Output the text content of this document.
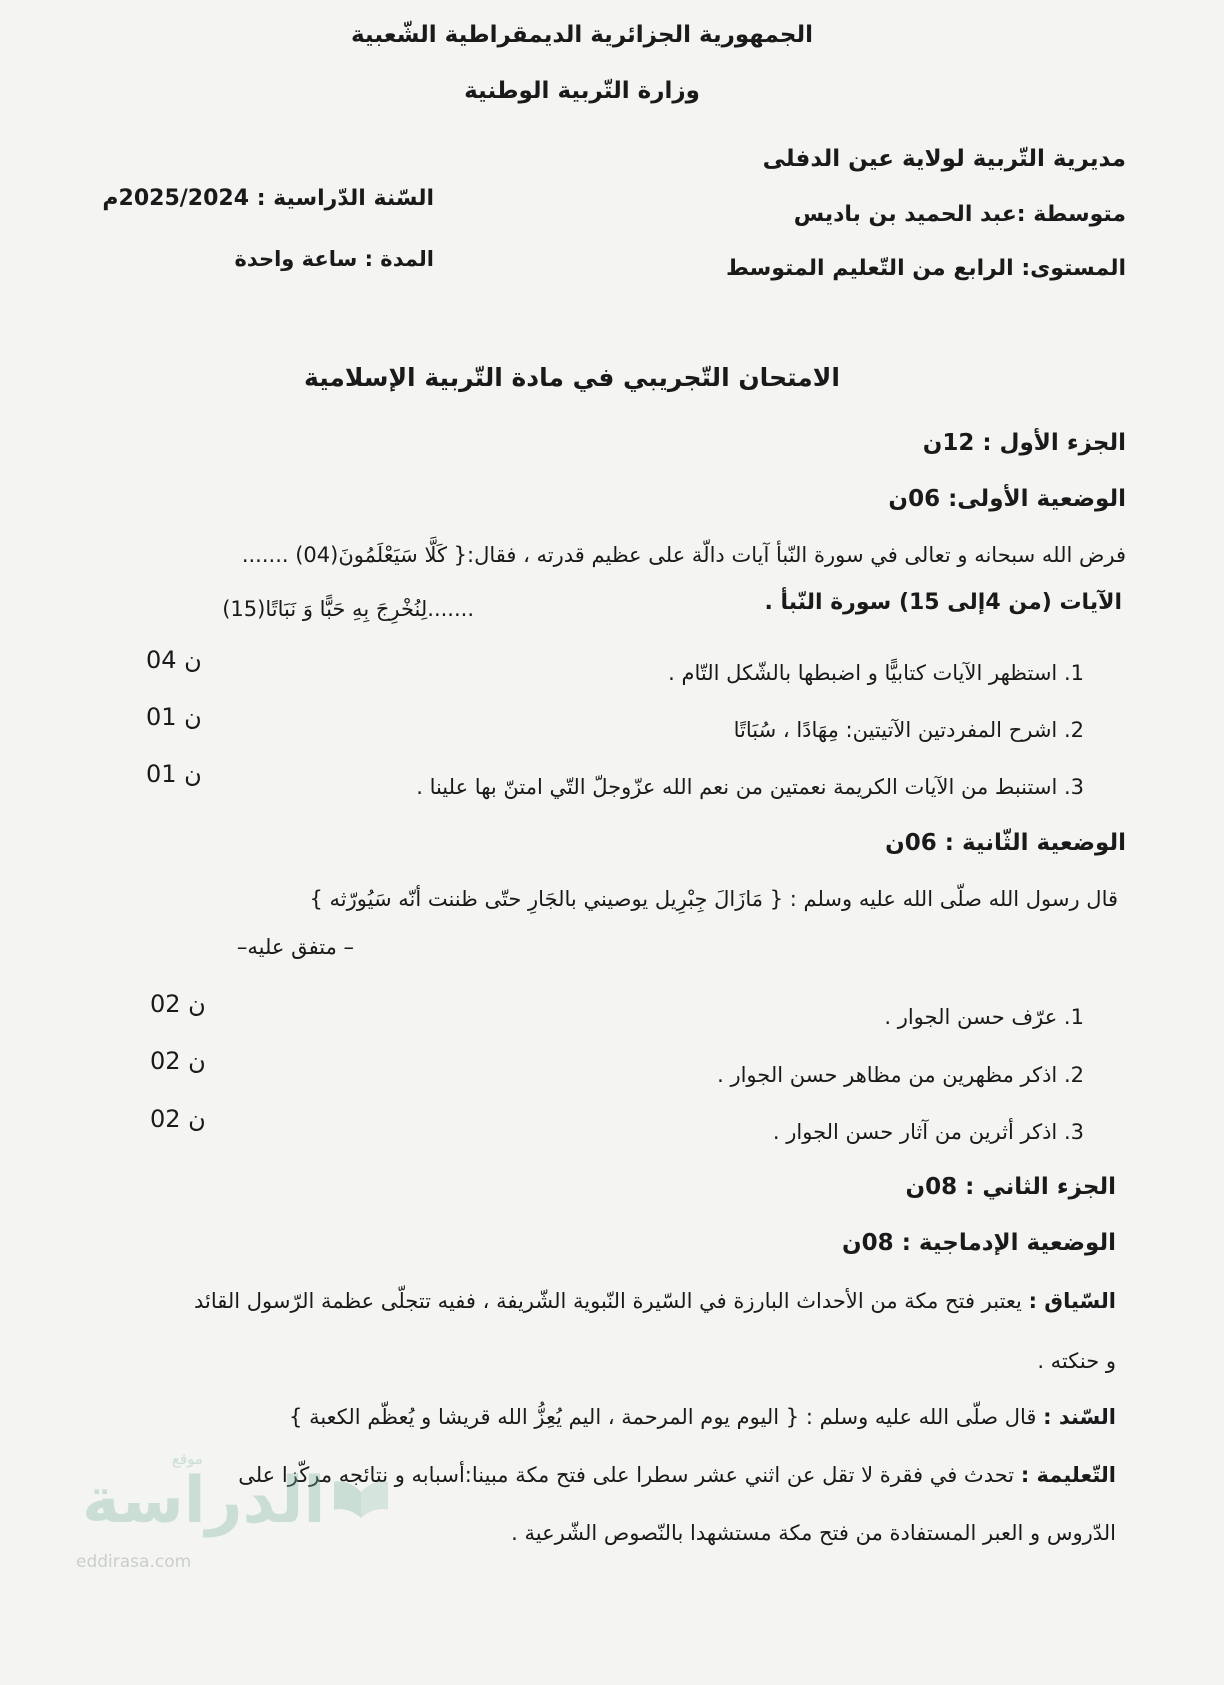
الجمهورية الجزائرية الديمقراطية الشّعبية
وزارة التّربية الوطنية
مديرية التّربية لولاية عين الدفلى
متوسطة :عبد الحميد بن باديس
المستوى: الرابع من التّعليم المتوسط
السّنة الدّراسية : 2025/2024م
المدة : ساعة واحدة
الامتحان التّجريبي في مادة التّربية الإسلامية
الجزء الأول : 12ن
الوضعية الأولى: 06ن
فرض الله سبحانه و تعالى في سورة النّبأ آيات دالّة على عظيم قدرته ، فقال:{ كَلَّا سَيَعْلَمُونَ(04) .......
.......لِنُخْرِجَ بِهِ حَبًّا وَ نَبَاتًا(15)	الآيات (من 4إلى 15) سورة النّبأ .
1. استظهر الآيات كتابيًّا و اضبطها بالشّكل التّام .
04 ن
2. اشرح المفردتين الآتيتين: مِهَادًا ، سُبَاتًا
01 ن
3. استنبط من الآيات الكريمة نعمتين من نعم الله عزّوجلّ التّي امتنّ بها علينا .
01 ن
الوضعية الثّانية : 06ن
قال رسول الله صلّى الله عليه وسلم : { مَازَالَ جِبْرِيل يوصيني بالجَارِ حتّى ظننت أنّه سَيُورّثه }
– متفق عليه–
1. عرّف حسن الجوار .
02 ن
2. اذكر مظهرين من مظاهر حسن الجوار .
02 ن
3. اذكر أثرين من آثار حسن الجوار .
02 ن
الجزء الثاني : 08ن
الوضعية الإدماجية : 08ن
السّياق : يعتبر فتح مكة من الأحداث البارزة في السّيرة النّبوية الشّريفة ، ففيه تتجلّى عظمة الرّسول القائد
و حنكته .
السّند : قال صلّى الله عليه وسلم : { اليوم يوم المرحمة ، اليم يُعِزُّ الله قريشا و يُعظّم الكعبة }
التّعليمة : تحدث في فقرة لا تقل عن اثني عشر سطرا على فتح مكة مبينا:أسبابه و نتائجه مركّزا على
الدّروس و العبر المستفادة من فتح مكة مستشهدا بالنّصوص الشّرعية .
موقع
الدراسة
eddirasa.com
